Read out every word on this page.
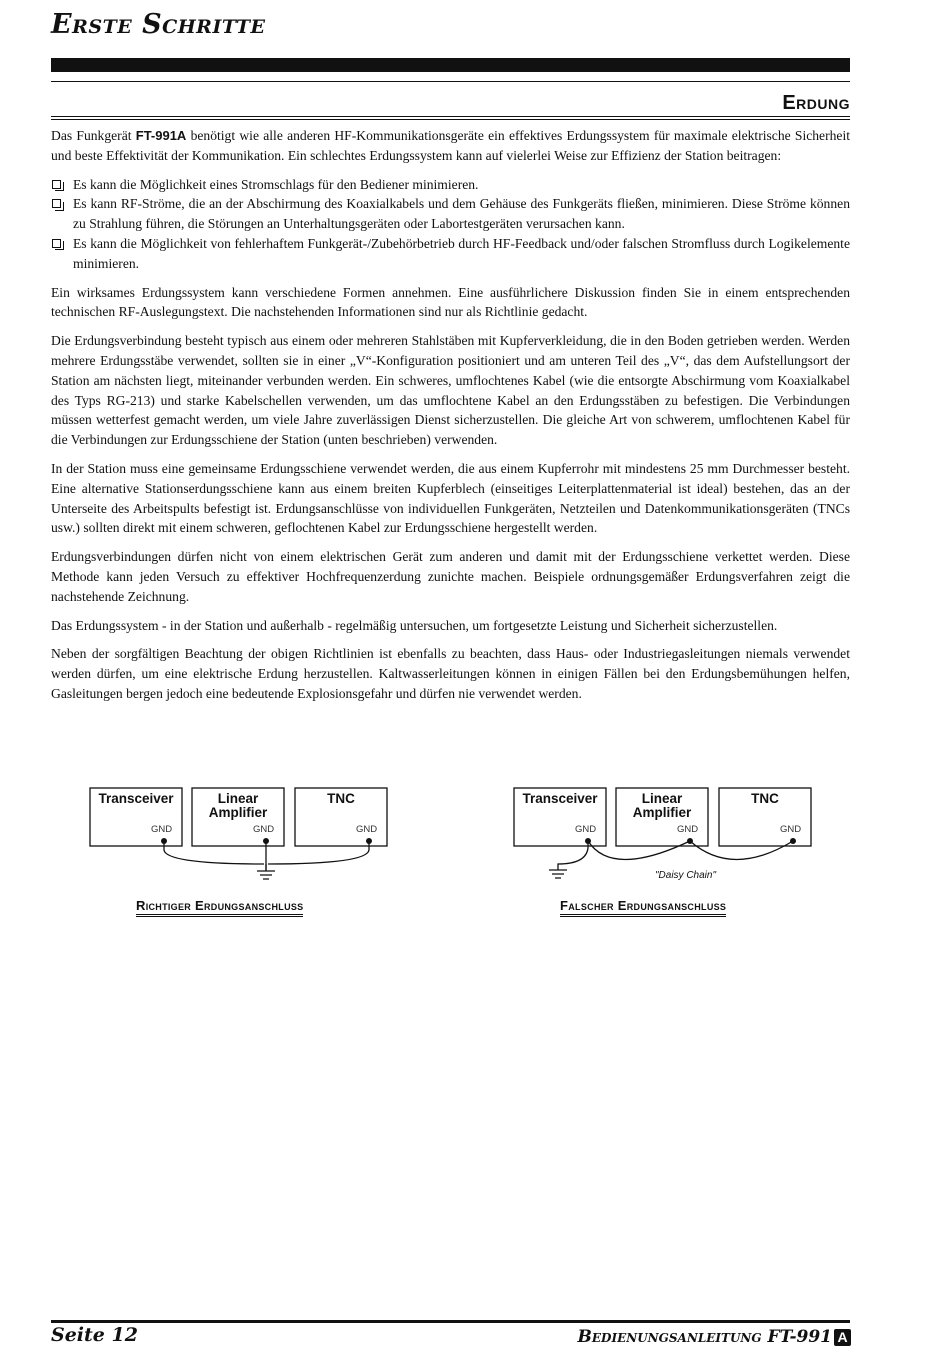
Erste Schritte
Erdung

Das Funkgerät FT-991A benötigt wie alle anderen HF-Kommunikationsgeräte ein effektives Erdungssystem für maximale elektrische Sicherheit und beste Effektivität der Kommunikation. Ein schlechtes Erdungssystem kann auf vielerlei Weise zur Effizienz der Station beitragen:

Es kann die Möglichkeit eines Stromschlags für den Bediener minimieren.
Es kann RF-Ströme, die an der Abschirmung des Koaxialkabels und dem Gehäuse des Funkgeräts fließen, minimieren. Diese Ströme können zu Strahlung führen, die Störungen an Unterhaltungsgeräten oder Labortestgeräten verursachen kann.
Es kann die Möglichkeit von fehlerhaftem Funkgerät-/Zubehörbetrieb durch HF-Feedback und/oder falschen Stromfluss durch Logikelemente minimieren.

Ein wirksames Erdungssystem kann verschiedene Formen annehmen. Eine ausführlichere Diskussion finden Sie in einem entsprechenden technischen RF-Auslegungstext. Die nachstehenden Informationen sind nur als Richtlinie gedacht.

Die Erdungsverbindung besteht typisch aus einem oder mehreren Stahlstäben mit Kupferverkleidung, die in den Boden getrieben werden. Werden mehrere Erdungsstäbe verwendet, sollten sie in einer „V“-Konfiguration positioniert und am unteren Teil des „V“, das dem Aufstellungsort der Station am nächsten liegt, miteinander verbunden werden. Ein schweres, umflochtenes Kabel (wie die entsorgte Abschirmung vom Koaxialkabel des Typs RG-213) und starke Kabelschellen verwenden, um das umflochtene Kabel an den Erdungsstäben zu befestigen. Die Verbindungen müssen wetterfest gemacht werden, um viele Jahre zuverlässigen Dienst sicherzustellen. Die gleiche Art von schwerem, umflochtenen Kabel für die Verbindungen zur Erdungsschiene der Station (unten beschrieben) verwenden.

In der Station muss eine gemeinsame Erdungsschiene verwendet werden, die aus einem Kupferrohr mit mindestens 25 mm Durchmesser besteht. Eine alternative Stationserdungsschiene kann aus einem breiten Kupferblech (einseitiges Leiterplattenmaterial ist ideal) bestehen, das an der Unterseite des Arbeitspults befestigt ist. Erdungsanschlüsse von individuellen Funkgeräten, Netzteilen und Datenkommunikationsgeräten (TNCs usw.) sollten direkt mit einem schweren, geflochtenen Kabel zur Erdungsschiene hergestellt werden.

Erdungsverbindungen dürfen nicht von einem elektrischen Gerät zum anderen und damit mit der Erdungsschiene verkettet werden. Diese Methode kann jeden Versuch zu effektiver Hochfrequenzerdung zunichte machen. Beispiele ordnungsgemäßer Erdungsverfahren zeigt die nachstehende Zeichnung.

Das Erdungssystem - in der Station und außerhalb - regelmäßig untersuchen, um fortgesetzte Leistung und Sicherheit sicherzustellen.

Neben der sorgfältigen Beachtung der obigen Richtlinien ist ebenfalls zu beachten, dass Haus- oder Industriegasleitungen niemals verwendet werden dürfen, um eine elektrische Erdung herzustellen. Kaltwasserleitungen können in einigen Fällen bei den Erdungsbemühungen helfen, Gasleitungen bergen jedoch eine bedeutende Explosionsgefahr und dürfen nie verwendet werden.

Transceiver	Linear
Amplifier
TNC
GND	GND	GND
Richtiger Erdungsanschluss
Transceiver	Linear
Amplifier
TNC
GND	GND	GND
"Daisy Chain"
Falscher Erdungsanschluss
Seite 12	Bedienungsanleitung FT-991 A
